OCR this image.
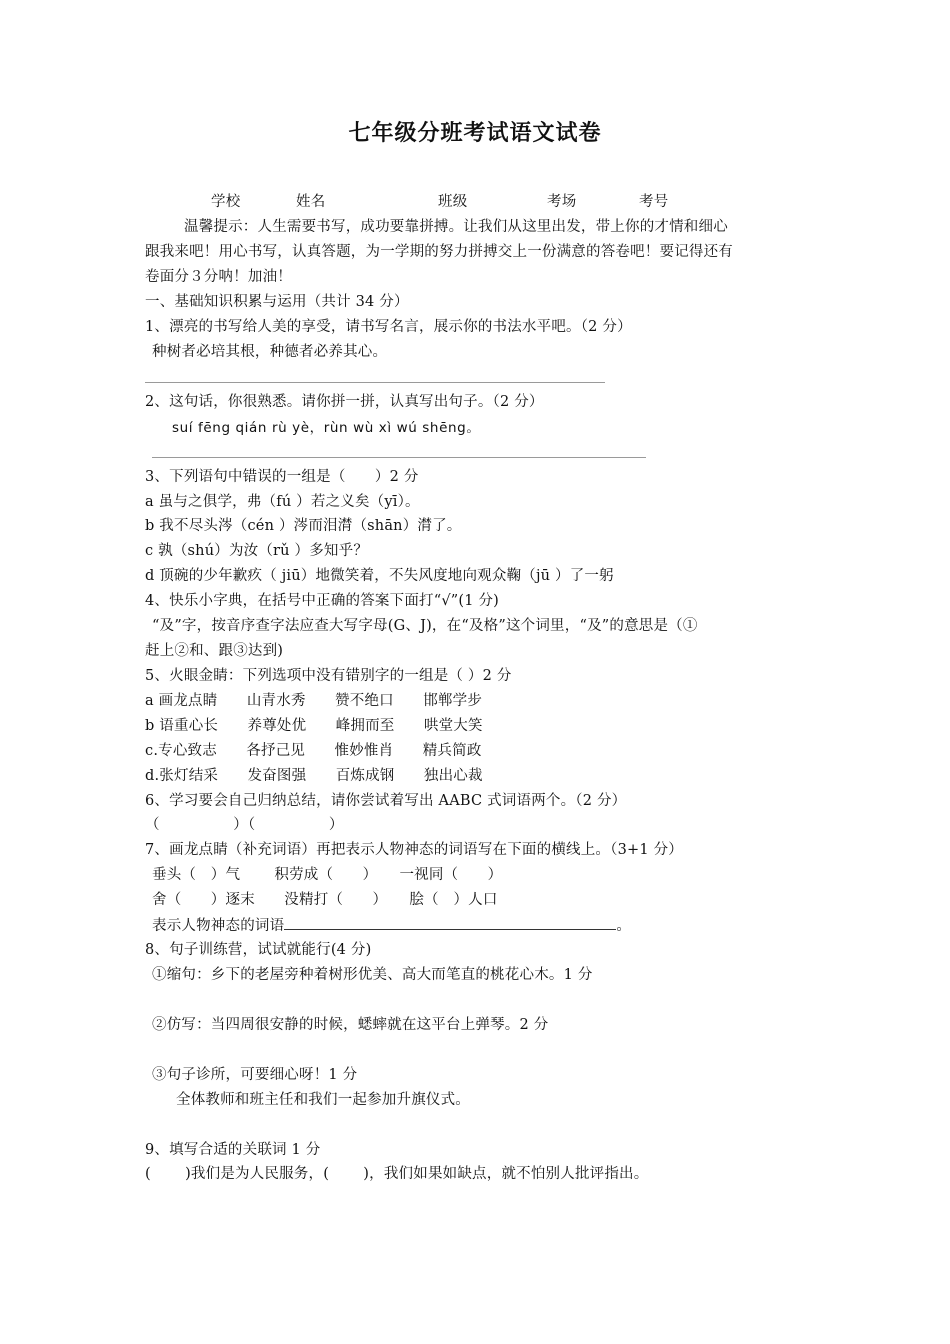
七年级分班考试语文试卷
学校	姓名	班级	考场	考号
温馨提示：人生需要书写，成功要靠拼搏。让我们从这里出发，带上你的才情和细心
跟我来吧！用心书写，认真答题，为一学期的努力拼搏交上一份满意的答卷吧！要记得还有
卷面分３分呐！加油！
一、基础知识积累与运用（共计 34 分）
1、漂亮的书写给人美的享受，请书写名言，展示你的书法水平吧。（2 分）
种树者必培其根，种德者必养其心。
2、这句话，你很熟悉。请你拼一拼，认真写出句子。（2 分）
suí fēng qián rù yè，rùn wù xì wú shēng。
3、下列语句中错误的一组是（　　）2 分
a 虽与之俱学，弗（fú ）若之义矣（yī）。
b 我不尽头涔（cén ）涔而泪潸（shān）潸了。
c 孰（shú）为汝（rǔ ）多知乎？
d 顶碗的少年歉疚（ jiū）地微笑着，不失风度地向观众鞠（jū ）了一躬
4、快乐小字典，在括号中正确的答案下面打“√”(1 分)
“及”字，按音序查字法应查大写字母(G、J)，在“及格”这个词里，“及”的意思是（①
赶上②和、跟③达到)
5、火眼金睛：下列选项中没有错别字的一组是（ ）2 分
a 画龙点睛　　山青水秀　　赞不绝口　　邯郸学步
b 语重心长　　养尊处优　　峰拥而至　　哄堂大笑
c.专心致志　　各抒己见　　惟妙惟肖　　精兵简政
d.张灯结采　　发奋图强　　百炼成钢　　独出心裁
6、学习要会自己归纳总结，请你尝试着写出 AABC 式词语两个。（2 分）
（　　　　　）（　　　　　）
7、画龙点睛（补充词语）再把表示人物神态的词语写在下面的横线上。（3+1 分）
垂头（　）气　　 积劳成（　　）　　一视同（　　）
舍（　　）逐末　　没精打（　　）　　脍（　）人口
表示人物神态的词语	。
8、句子训练营，试试就能行(4 分)
①缩句：乡下的老屋旁种着树形优美、高大而笔直的桃花心木。1 分
②仿写：当四周很安静的时候，蟋蟀就在这平台上弹琴。2 分
③句子诊所，可要细心呀！1 分
全体教师和班主任和我们一起参加升旗仪式。
9、填写合适的关联词 1 分
(　　 )我们是为人民服务，(　　 )，我们如果如缺点，就不怕别人批评指出。
